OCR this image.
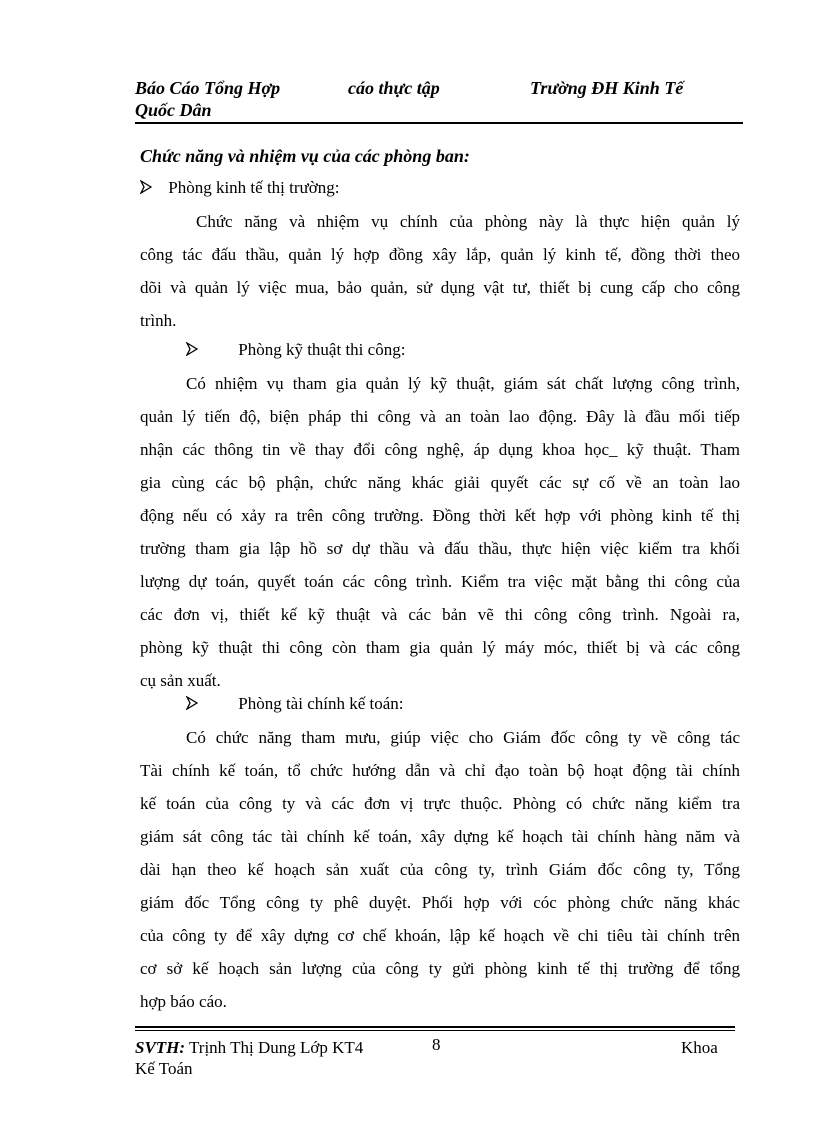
Báo Cáo Tổng Hợp	cáo thực tập	Trường ĐH Kinh Tế
Quốc Dân
Chức năng và nhiệm vụ của các phòng ban:
Phòng kinh tế thị trường:
Chức năng và nhiệm vụ chính của phòng này là thực hiện quản lý
công tác đấu thầu, quản lý hợp đồng xây lắp, quản lý kinh tế, đồng thời theo
dõi và quản lý việc mua, bảo quản, sử dụng vật tư, thiết bị cung cấp cho công
trình.
Phòng kỹ thuật thi công:
Có nhiệm vụ tham gia quản lý kỹ thuật, giám sát chất lượng công trình,
quản lý tiến độ, biện pháp thi công và an toàn lao động. Đây là đầu mối tiếp
nhận các thông tin về thay đổi công nghệ, áp dụng khoa học_ kỹ thuật. Tham
gia cùng các bộ phận, chức năng khác giải quyết các sự cố về an toàn lao
động nếu có xảy ra trên công trường. Đồng thời kết hợp với phòng kinh tế thị
trường tham gia lập hồ sơ dự thầu và đấu thầu, thực hiện việc kiểm tra khối
lượng dự toán, quyết toán các công trình. Kiểm tra việc mặt bằng thi công của
các đơn vị, thiết kế kỹ thuật và các bản vẽ thi công công trình. Ngoài ra,
phòng kỹ thuật thi công còn tham gia quản lý máy móc, thiết bị và các công
cụ sản xuất.
Phòng tài chính kế toán:
Có chức năng tham mưu, giúp việc cho Giám đốc công ty về công tác
Tài chính kế toán, tổ chức hướng dẫn và chỉ đạo toàn bộ hoạt động tài chính
kế toán của công ty và các đơn vị trực thuộc. Phòng có chức năng kiểm tra
giám sát công tác tài chính kế toán, xây dựng kế hoạch tài chính hàng năm và
dài hạn theo kế hoạch sản xuất của công ty, trình Giám đốc công ty, Tổng
giám đốc Tổng công ty phê duyệt. Phối hợp với cóc phòng chức năng khác
của công ty để xây dựng cơ chế khoán, lập kế hoạch về chi tiêu tài chính trên
cơ sở kế hoạch sản lượng của công ty gửi phòng kinh tế thị trường để tổng
hợp báo cáo.
SVTH: Trịnh Thị Dung Lớp KT4	8	Khoa
Kế Toán
